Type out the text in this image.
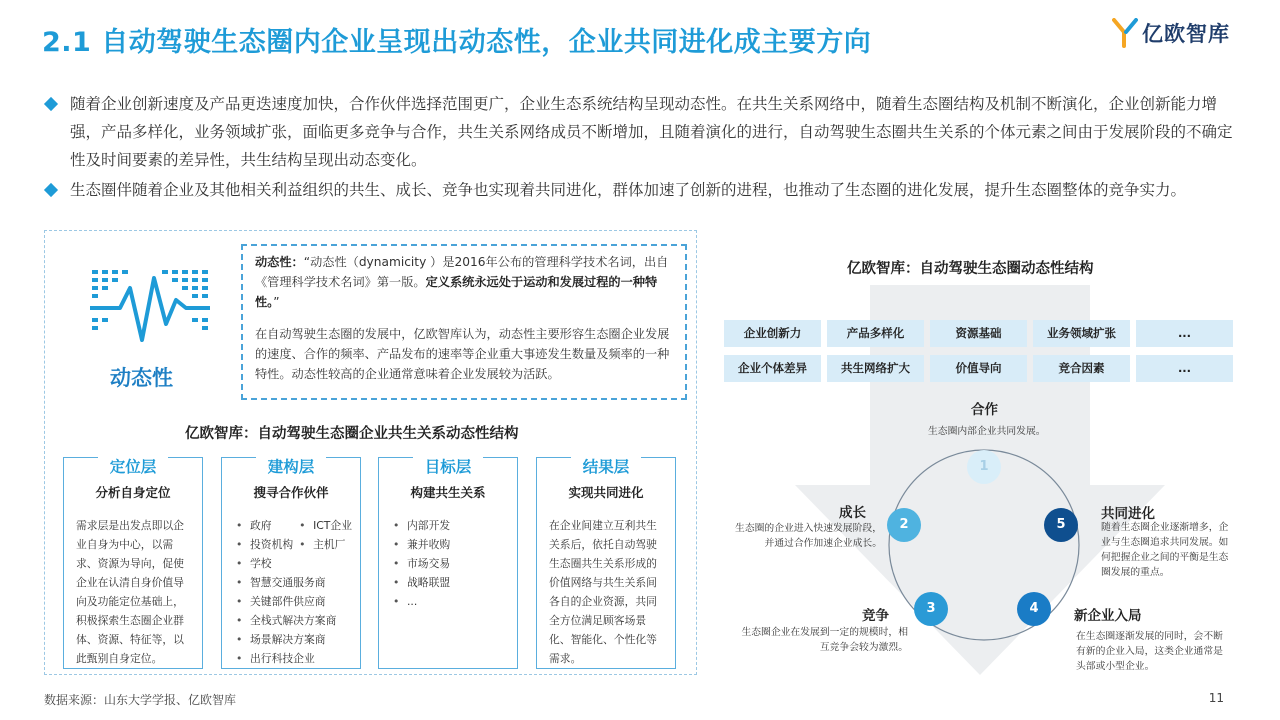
2.1 自动驾驶生态圈内企业呈现出动态性，企业共同进化成主要方向	亿欧智库
随着企业创新速度及产品更迭速度加快，合作伙伴选择范围更广，企业生态系统结构呈现动态性。在共生关系网络中，随着生态圈结构及机制不断演化，企业创新能力增强，产品多样化，业务领域扩张，面临更多竞争与合作，共生关系网络成员不断增加，且随着演化的进行，自动驾驶生态圈共生关系的个体元素之间由于发展阶段的不确定性及时间要素的差异性，共生结构呈现出动态变化。
生态圈伴随着企业及其他相关利益组织的共生、成长、竞争也实现着共同进化，群体加速了创新的进程，也推动了生态圈的进化发展，提升生态圈整体的竞争实力。
动态性
动态性：“动态性（dynamicity ）是2016年公布的管理科学技术名词，出自《管理科学技术名词》第一版。定义系统永远处于运动和发展过程的一种特性。”
在自动驾驶生态圈的发展中，亿欧智库认为，动态性主要形容生态圈企业发展的速度、合作的频率、产品发布的速率等企业重大事迹发生数量及频率的一种特性。动态性较高的企业通常意味着企业发展较为活跃。
亿欧智库：自动驾驶生态圈企业共生关系动态性结构
定位层
分析自身定位
需求层是出发点即以企业自身为中心，以需求、资源为导向，促使企业在认清自身价值导向及功能定位基础上，积极探索生态圈企业群体、资源、特征等，以此甄别自身定位。
建构层
搜寻合作伙伴
• 政府
• 投资机构
• ICT企业
• 主机厂
• 学校
• 智慧交通服务商
• 关键部件供应商
• 全栈式解决方案商
• 场景解决方案商
• 出行科技企业
目标层
构建共生关系
• 内部开发
• 兼并收购
• 市场交易
• 战略联盟
• ...
结果层
实现共同进化
在企业间建立互利共生关系后，依托自动驾驶生态圈共生关系形成的价值网络与共生关系间各自的企业资源，共同全方位满足顾客场景化、智能化、个性化等需求。
亿欧智库：自动驾驶生态圈动态性结构
企业创新力	产品多样化	资源基础	业务领域扩张	...
企业个体差异	共生网络扩大	价值导向	竞合因素	...
1
2
3	4
5
合作
生态圈内部企业共同发展。
成长
生态圈的企业进入快速发展阶段，并通过合作加速企业成长。
竞争
生态圈企业在发展到一定的规模时，相互竞争会较为激烈。
新企业入局
在生态圈逐渐发展的同时，会不断有新的企业入局，这类企业通常是头部或小型企业。
共同进化
随着生态圈企业逐渐增多，企业与生态圈追求共同发展。如何把握企业之间的平衡是生态圈发展的重点。
数据来源：山东大学学报、亿欧智库	11
